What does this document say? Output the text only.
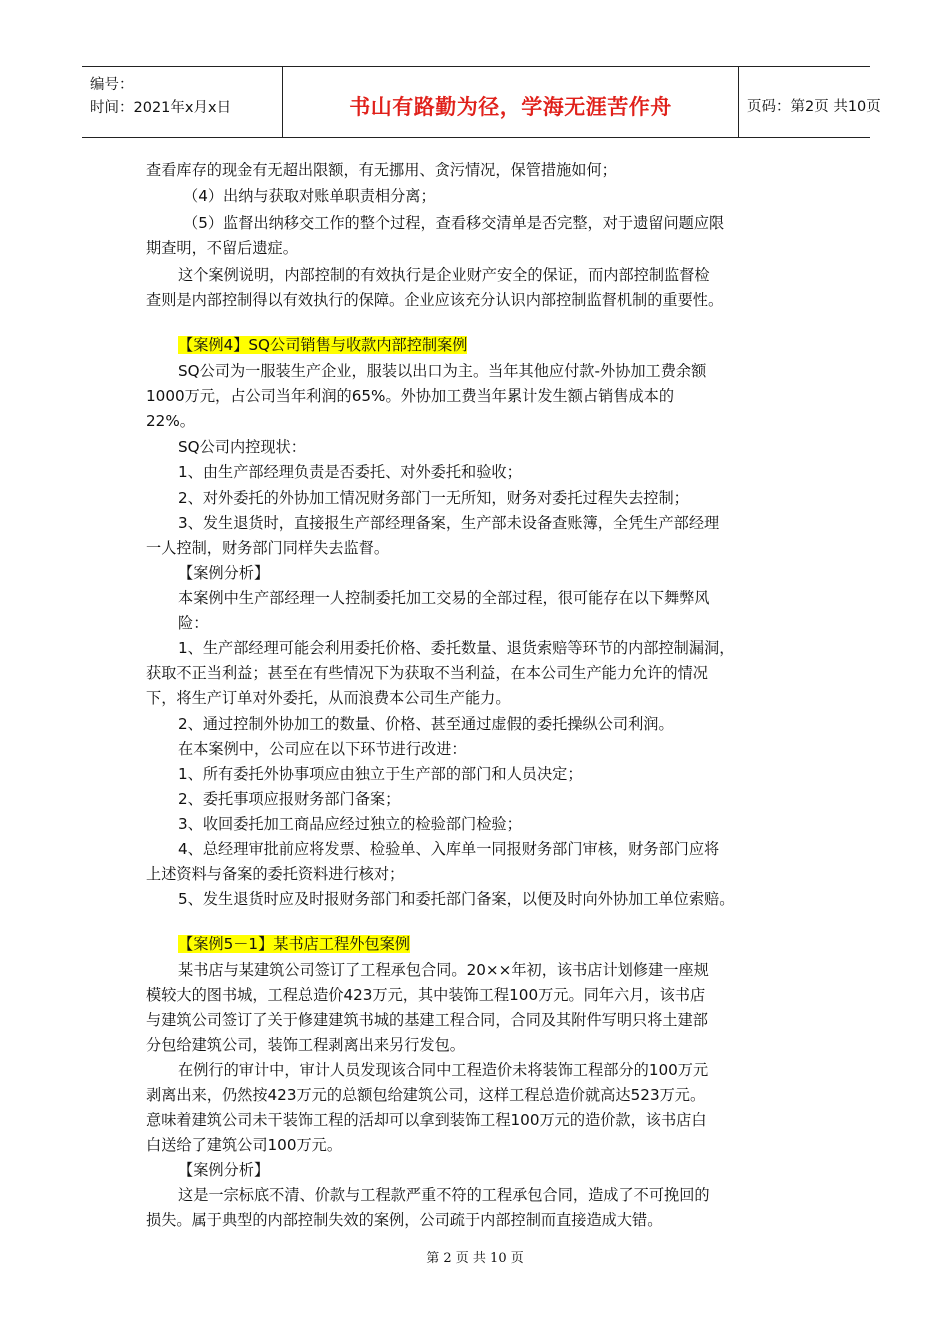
编号：
时间：2021年x月x日	书山有路勤为径，学海无涯苦作舟	页码：第2页 共10页
查看库存的现金有无超出限额，有无挪用、贪污情况，保管措施如何；
（4）出纳与获取对账单职责相分离；
（5）监督出纳移交工作的整个过程，查看移交清单是否完整，对于遗留问题应限
期查明，不留后遗症。
这个案例说明，内部控制的有效执行是企业财产安全的保证，而内部控制监督检
查则是内部控制得以有效执行的保障。企业应该充分认识内部控制监督机制的重要性。
【案例4】SQ公司销售与收款内部控制案例
SQ公司为一服装生产企业，服装以出口为主。当年其他应付款-外协加工费余额
1000万元，占公司当年利润的65%。外协加工费当年累计发生额占销售成本的
22%。
SQ公司内控现状：
1、由生产部经理负责是否委托、对外委托和验收；
2、对外委托的外协加工情况财务部门一无所知，财务对委托过程失去控制；
3、发生退货时，直接报生产部经理备案，生产部未设备查账簿，全凭生产部经理
一人控制，财务部门同样失去监督。
【案例分析】
本案例中生产部经理一人控制委托加工交易的全部过程，很可能存在以下舞弊风
险：
1、生产部经理可能会利用委托价格、委托数量、退货索赔等环节的内部控制漏洞，
获取不正当利益；甚至在有些情况下为获取不当利益，在本公司生产能力允许的情况
下，将生产订单对外委托，从而浪费本公司生产能力。
2、通过控制外协加工的数量、价格、甚至通过虚假的委托操纵公司利润。
在本案例中，公司应在以下环节进行改进：
1、所有委托外协事项应由独立于生产部的部门和人员决定；
2、委托事项应报财务部门备案；
3、收回委托加工商品应经过独立的检验部门检验；
4、总经理审批前应将发票、检验单、入库单一同报财务部门审核，财务部门应将
上述资料与备案的委托资料进行核对；
5、发生退货时应及时报财务部门和委托部门备案，以便及时向外协加工单位索赔。
【案例5－1】某书店工程外包案例
某书店与某建筑公司签订了工程承包合同。20××年初，该书店计划修建一座规
模较大的图书城，工程总造价423万元，其中装饰工程100万元。同年六月，该书店
与建筑公司签订了关于修建建筑书城的基建工程合同，合同及其附件写明只将土建部
分包给建筑公司，装饰工程剥离出来另行发包。
在例行的审计中，审计人员发现该合同中工程造价未将装饰工程部分的100万元
剥离出来，仍然按423万元的总额包给建筑公司，这样工程总造价就高达523万元。
意味着建筑公司未干装饰工程的活却可以拿到装饰工程100万元的造价款，该书店白
白送给了建筑公司100万元。
【案例分析】
这是一宗标底不清、价款与工程款严重不符的工程承包合同，造成了不可挽回的
损失。属于典型的内部控制失效的案例，公司疏于内部控制而直接造成大错。
第 2 页 共 10 页
